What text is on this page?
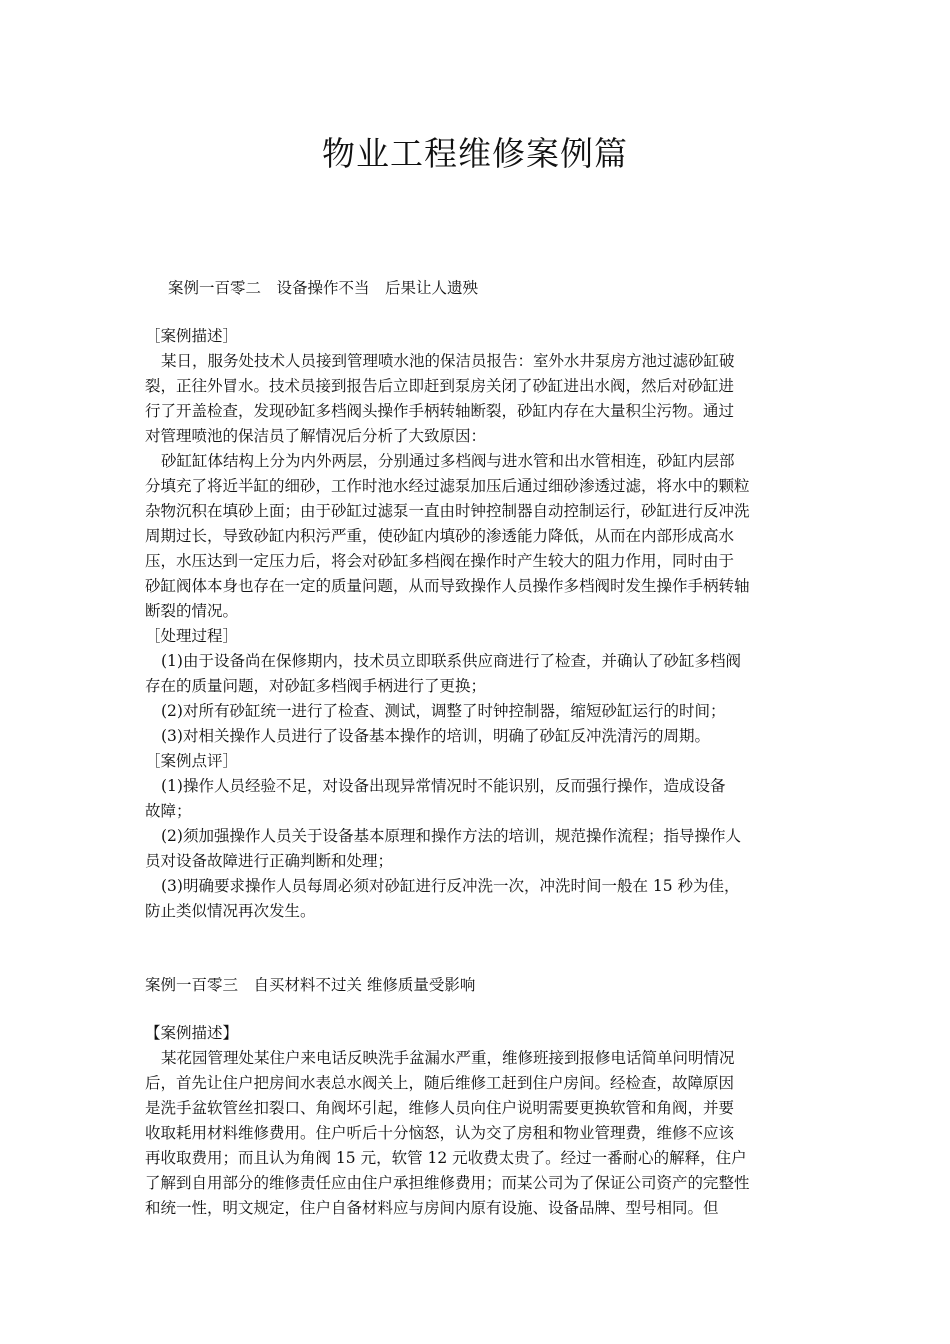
物业工程维修案例篇
案例一百零二　设备操作不当　后果让人遗殃
［案例描述］
某日，服务处技术人员接到管理喷水池的保洁员报告：室外水井泵房方池过滤砂缸破
裂，正往外冒水。技术员接到报告后立即赶到泵房关闭了砂缸进出水阀，然后对砂缸进
行了开盖检查，发现砂缸多档阀头操作手柄转轴断裂，砂缸内存在大量积尘污物。通过
对管理喷池的保洁员了解情况后分析了大致原因：
砂缸缸体结构上分为内外两层，分别通过多档阀与进水管和出水管相连，砂缸内层部
分填充了将近半缸的细砂，工作时池水经过滤泵加压后通过细砂渗透过滤，将水中的颗粒
杂物沉积在填砂上面；由于砂缸过滤泵一直由时钟控制器自动控制运行，砂缸进行反冲洗
周期过长，导致砂缸内积污严重，使砂缸内填砂的渗透能力降低，从而在内部形成高水
压，水压达到一定压力后，将会对砂缸多档阀在操作时产生较大的阻力作用，同时由于
砂缸阀体本身也存在一定的质量问题，从而导致操作人员操作多档阀时发生操作手柄转轴
断裂的情况。
［处理过程］
(1)由于设备尚在保修期内，技术员立即联系供应商进行了检查，并确认了砂缸多档阀
存在的质量问题，对砂缸多档阀手柄进行了更换；
(2)对所有砂缸统一进行了检查、测试，调整了时钟控制器，缩短砂缸运行的时间；
(3)对相关操作人员进行了设备基本操作的培训，明确了砂缸反冲洗清污的周期。
［案例点评］
(1)操作人员经验不足，对设备出现异常情况时不能识别，反而强行操作，造成设备
故障；
(2)须加强操作人员关于设备基本原理和操作方法的培训，规范操作流程；指导操作人
员对设备故障进行正确判断和处理；
(3)明确要求操作人员每周必须对砂缸进行反冲洗一次，冲洗时间一般在 15 秒为佳，
防止类似情况再次发生。
案例一百零三　自买材料不过关 维修质量受影响
【案例描述】
某花园管理处某住户来电话反映洗手盆漏水严重，维修班接到报修电话简单问明情况
后，首先让住户把房间水表总水阀关上，随后维修工赶到住户房间。经检查，故障原因
是洗手盆软管丝扣裂口、角阀坏引起，维修人员向住户说明需要更换软管和角阀，并要
收取耗用材料维修费用。住户听后十分恼怒，认为交了房租和物业管理费，维修不应该
再收取费用；而且认为角阀 15 元，软管 12 元收费太贵了。经过一番耐心的解释，住户
了解到自用部分的维修责任应由住户承担维修费用；而某公司为了保证公司资产的完整性
和统一性，明文规定，住户自备材料应与房间内原有设施、设备品牌、型号相同。但
